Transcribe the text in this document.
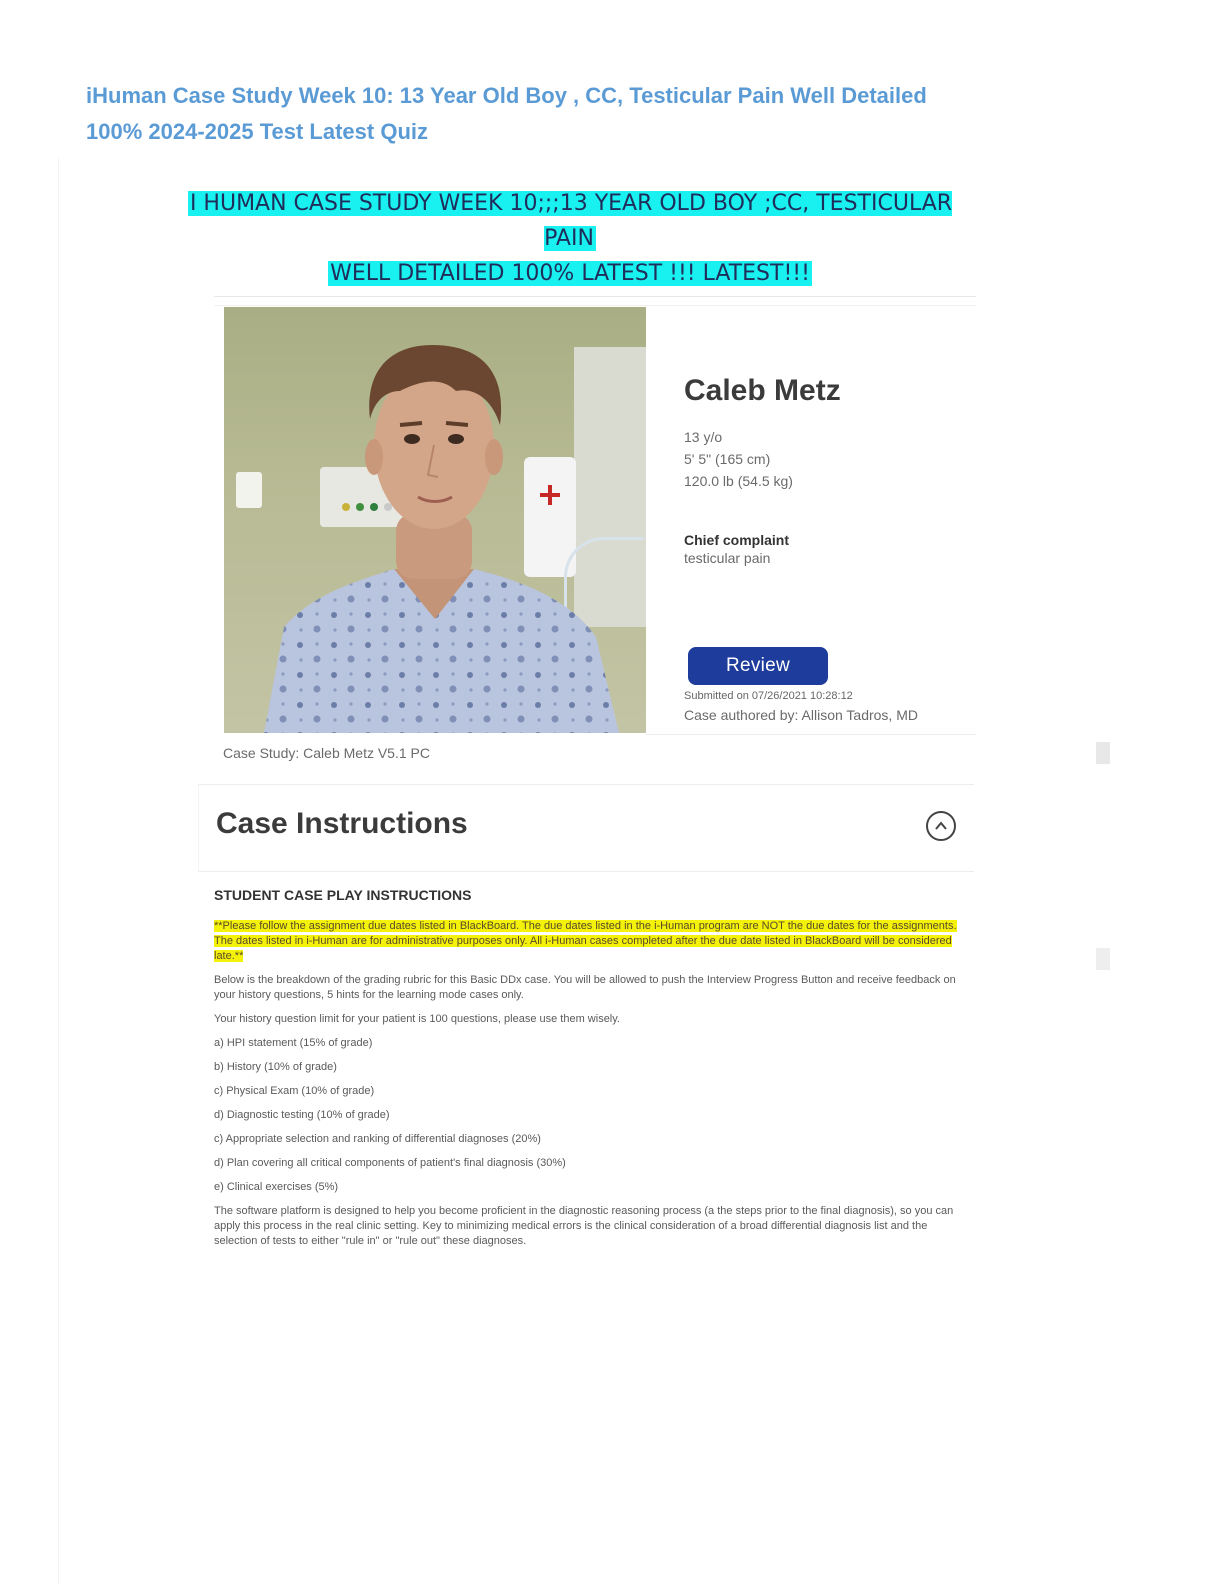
iHuman Case Study Week 10: 13 Year Old Boy , CC, Testicular Pain Well Detailed 100% 2024-2025 Test Latest Quiz
I HUMAN CASE STUDY WEEK 10;;;13 YEAR OLD BOY ;CC, TESTICULAR PAIN
WELL DETAILED 100% LATEST !!! LATEST!!!
Caleb Metz
13 y/o
5' 5" (165 cm)
120.0 lb (54.5 kg)
Chief complaint
testicular pain
Review
Submitted on 07/26/2021 10:28:12
Case authored by: Allison Tadros, MD
Case Study: Caleb Metz V5.1 PC
Case Instructions
STUDENT CASE PLAY INSTRUCTIONS

**Please follow the assignment due dates listed in BlackBoard. The due dates listed in the i-Human program are NOT the due dates for the assignments. The dates listed in i-Human are for administrative purposes only. All i-Human cases completed after the due date listed in BlackBoard will be considered late.**

Below is the breakdown of the grading rubric for this Basic DDx case. You will be allowed to push the Interview Progress Button and receive feedback on your history questions, 5 hints for the learning mode cases only.

Your history question limit for your patient is 100 questions, please use them wisely.

a) HPI statement (15% of grade)

b) History (10% of grade)

c) Physical Exam (10% of grade)

d) Diagnostic testing (10% of grade)

c) Appropriate selection and ranking of differential diagnoses (20%)

d) Plan covering all critical components of patient's final diagnosis (30%)

e) Clinical exercises (5%)

The software platform is designed to help you become proficient in the diagnostic reasoning process (a the steps prior to the final diagnosis), so you can apply this process in the real clinic setting. Key to minimizing medical errors is the clinical consideration of a broad differential diagnosis list and the selection of tests to either "rule in" or "rule out" these diagnoses.
